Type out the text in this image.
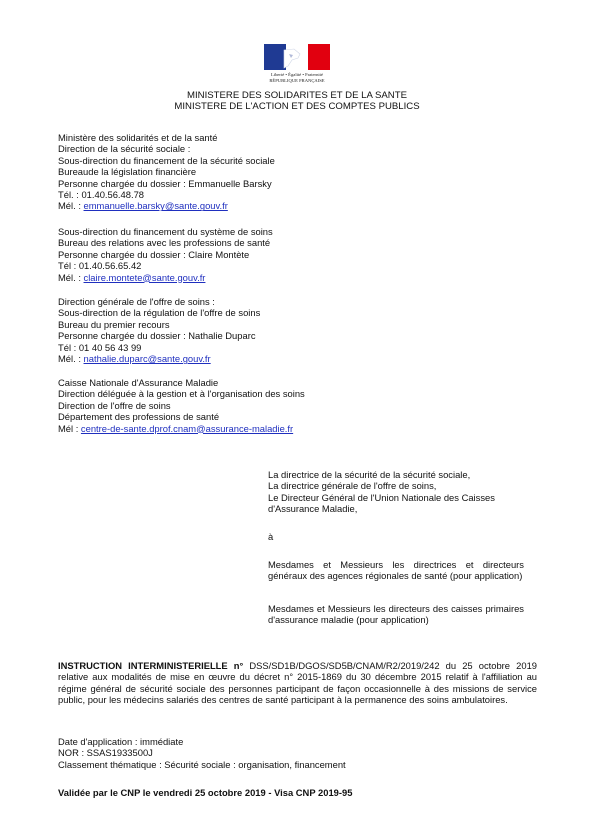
Liberté • Égalité • Fraternité
RÉPUBLIQUE FRANÇAISE
MINISTERE DES SOLIDARITES ET DE LA SANTE
MINISTERE DE L'ACTION ET DES COMPTES PUBLICS
Ministère des solidarités et de la santé
Direction de la sécurité sociale :
Sous-direction du financement de la sécurité sociale
Bureaude la législation financière
Personne chargée du dossier : Emmanuelle Barsky
Tél. : 01.40.56.48.78
Mél. : emmanuelle.barsky@sante.gouv.fr
Sous-direction du financement du système de soins
Bureau des relations avec les professions de santé
Personne chargée du dossier : Claire Montète
Tél : 01.40.56.65.42
Mél. : claire.montete@sante.gouv.fr
Direction générale de l'offre de soins :
Sous-direction de la régulation de l'offre de soins
Bureau du premier recours
Personne chargée du dossier : Nathalie Duparc
Tél : 01 40 56 43 99
Mél. : nathalie.duparc@sante.gouv.fr
Caisse Nationale d'Assurance Maladie
Direction déléguée à la gestion et à l'organisation des soins
Direction de l'offre de soins
Département des professions de santé
Mél : centre-de-sante.dprof.cnam@assurance-maladie.fr
La directrice de la sécurité de la sécurité sociale,
La directrice générale de l'offre de soins,
Le Directeur Général de l'Union Nationale des Caisses
d'Assurance Maladie,
à
Mesdames et Messieurs les directrices et directeurs généraux des agences régionales de santé (pour application)
Mesdames et Messieurs les directeurs des caisses primaires d'assurance maladie (pour application)
INSTRUCTION INTERMINISTERIELLE n° DSS/SD1B/DGOS/SD5B/CNAM/R2/2019/242 du 25 octobre 2019 relative aux modalités de mise en œuvre du décret n° 2015-1869 du 30 décembre 2015 relatif à l'affiliation au régime général de sécurité sociale des personnes participant de façon occasionnelle à des missions de service public, pour les médecins salariés des centres de santé participant à la permanence des soins ambulatoires.
Date d'application : immédiate
NOR : SSAS1933500J
Classement thématique : Sécurité sociale : organisation, financement
Validée par le CNP le vendredi 25 octobre 2019 - Visa CNP 2019-95
